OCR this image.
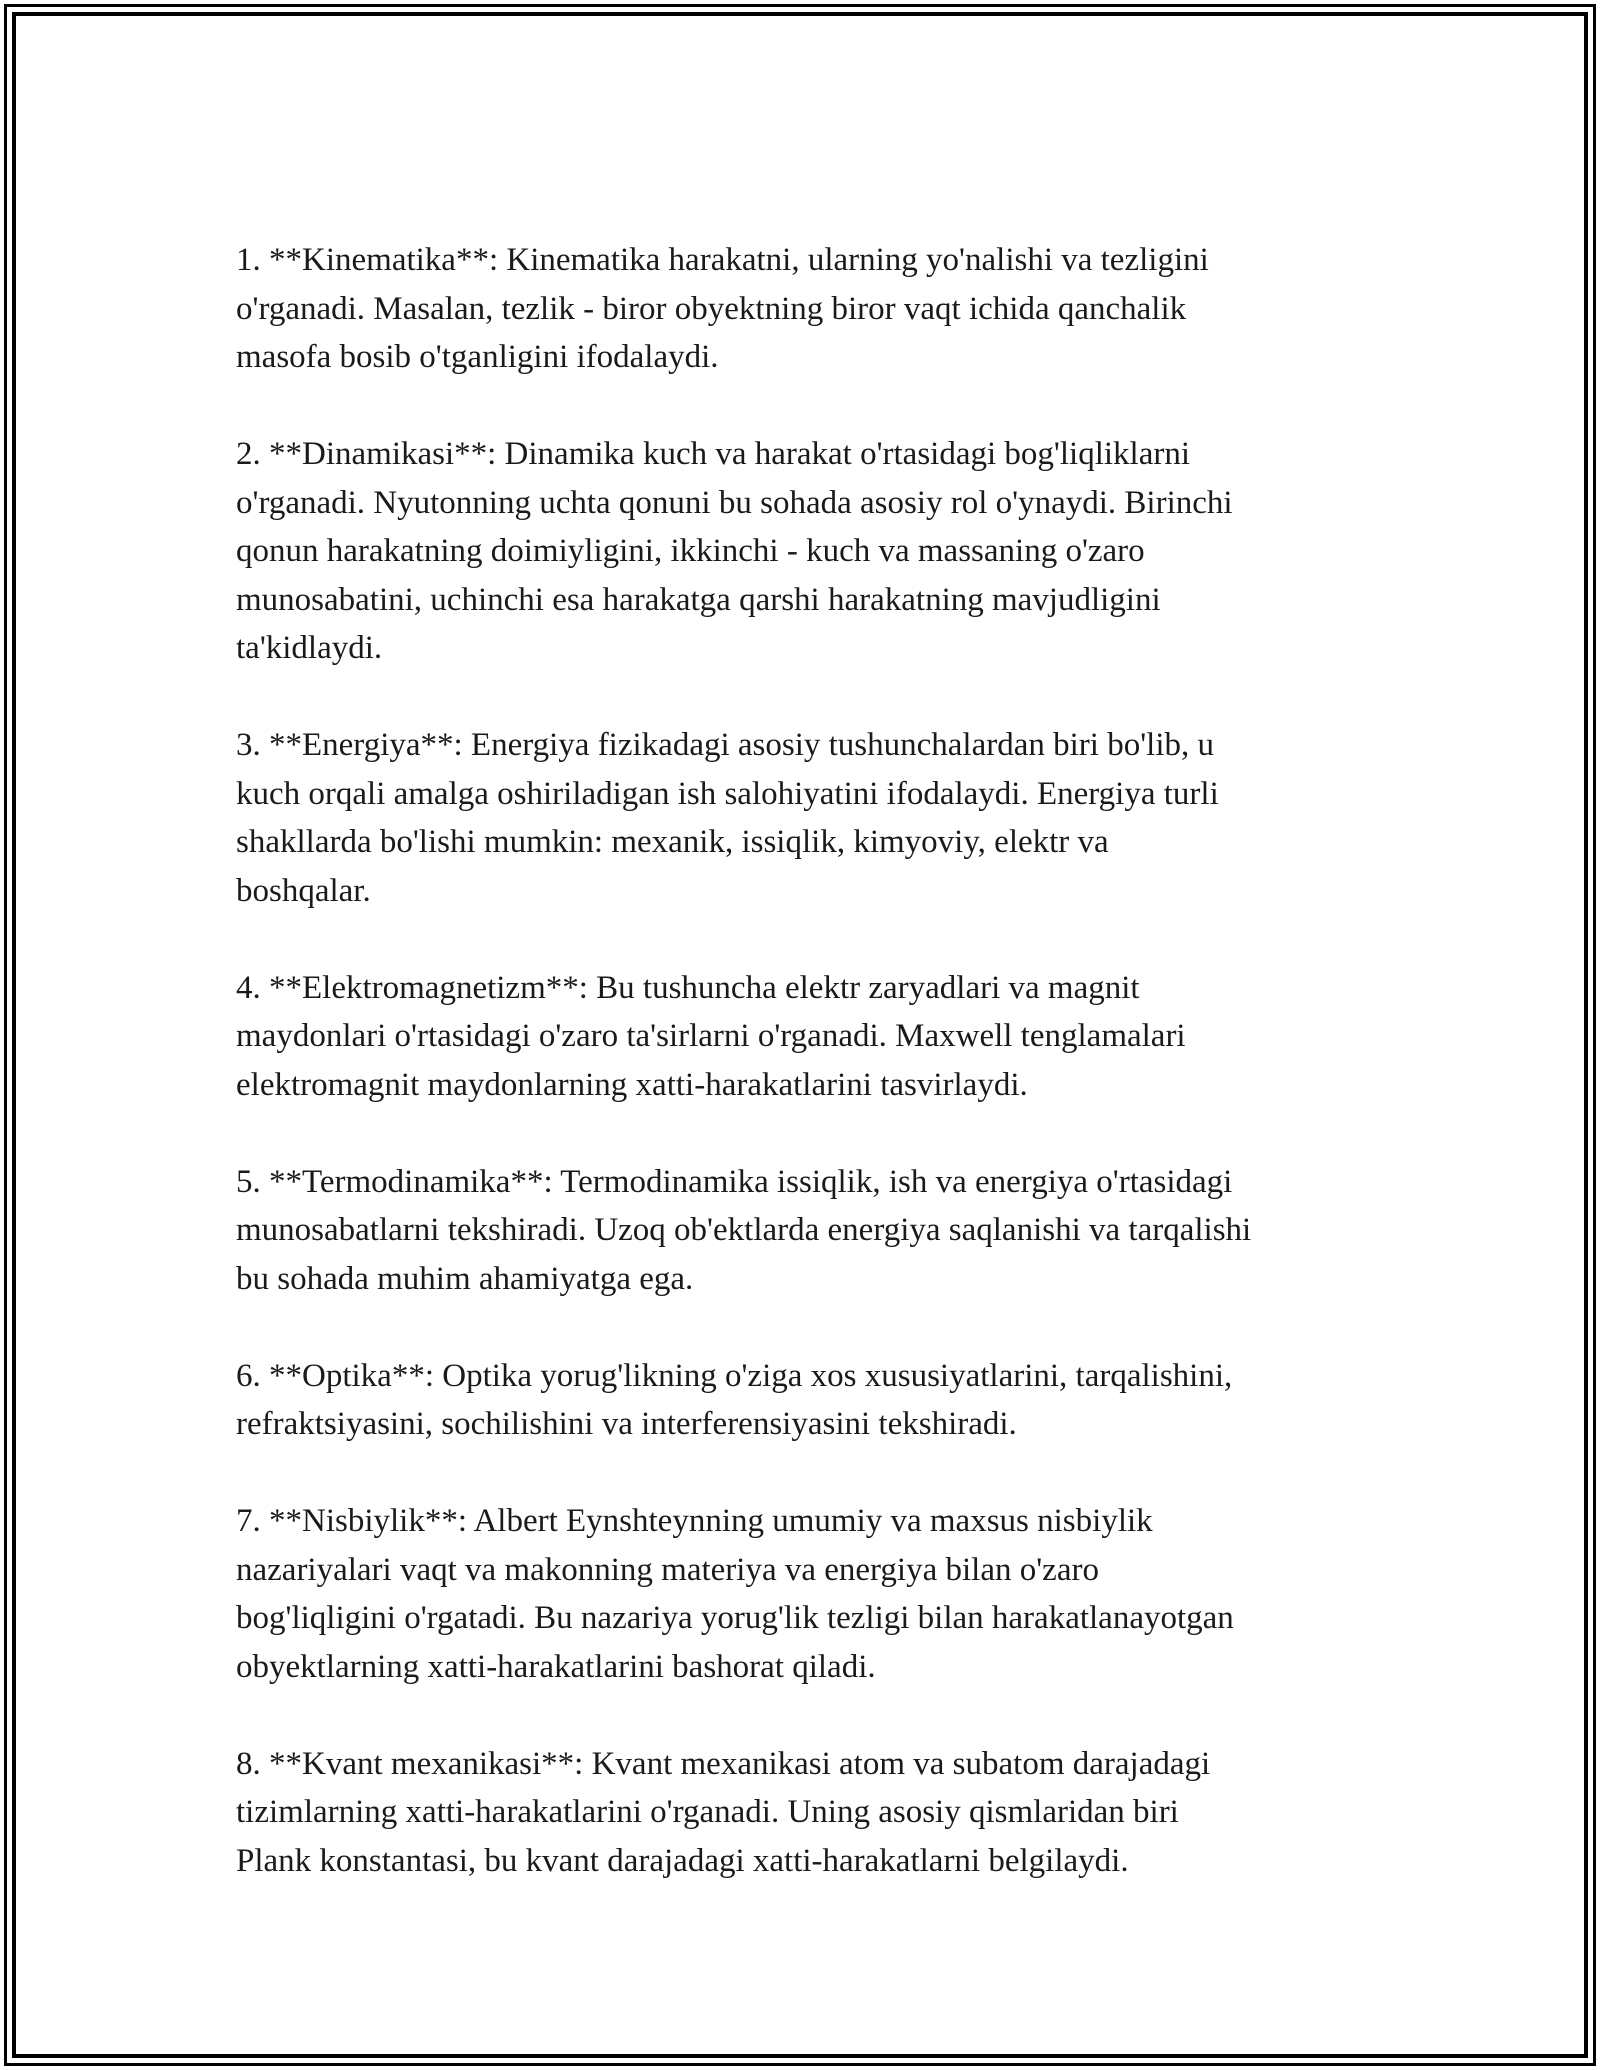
1. **Kinematika**: Kinematika harakatni, ularning yo'nalishi va tezligini
o'rganadi. Masalan, tezlik - biror obyektning biror vaqt ichida qanchalik
masofa bosib o'tganligini ifodalaydi.
2. **Dinamikasi**: Dinamika kuch va harakat o'rtasidagi bog'liqliklarni
o'rganadi. Nyutonning uchta qonuni bu sohada asosiy rol o'ynaydi. Birinchi
qonun harakatning doimiyligini, ikkinchi - kuch va massaning o'zaro
munosabatini, uchinchi esa harakatga qarshi harakatning mavjudligini
ta'kidlaydi.
3. **Energiya**: Energiya fizikadagi asosiy tushunchalardan biri bo'lib, u
kuch orqali amalga oshiriladigan ish salohiyatini ifodalaydi. Energiya turli
shakllarda bo'lishi mumkin: mexanik, issiqlik, kimyoviy, elektr va
boshqalar.
4. **Elektromagnetizm**: Bu tushuncha elektr zaryadlari va magnit
maydonlari o'rtasidagi o'zaro ta'sirlarni o'rganadi. Maxwell tenglamalari
elektromagnit maydonlarning xatti-harakatlarini tasvirlaydi.
5. **Termodinamika**: Termodinamika issiqlik, ish va energiya o'rtasidagi
munosabatlarni tekshiradi. Uzoq ob'ektlarda energiya saqlanishi va tarqalishi
bu sohada muhim ahamiyatga ega.
6. **Optika**: Optika yorug'likning o'ziga xos xususiyatlarini, tarqalishini,
refraktsiyasini, sochilishini va interferensiyasini tekshiradi.
7. **Nisbiylik**: Albert Eynshteynning umumiy va maxsus nisbiylik
nazariyalari vaqt va makonning materiya va energiya bilan o'zaro
bog'liqligini o'rgatadi. Bu nazariya yorug'lik tezligi bilan harakatlanayotgan
obyektlarning xatti-harakatlarini bashorat qiladi.
8. **Kvant mexanikasi**: Kvant mexanikasi atom va subatom darajadagi
tizimlarning xatti-harakatlarini o'rganadi. Uning asosiy qismlaridan biri
Plank konstantasi, bu kvant darajadagi xatti-harakatlarni belgilaydi.
